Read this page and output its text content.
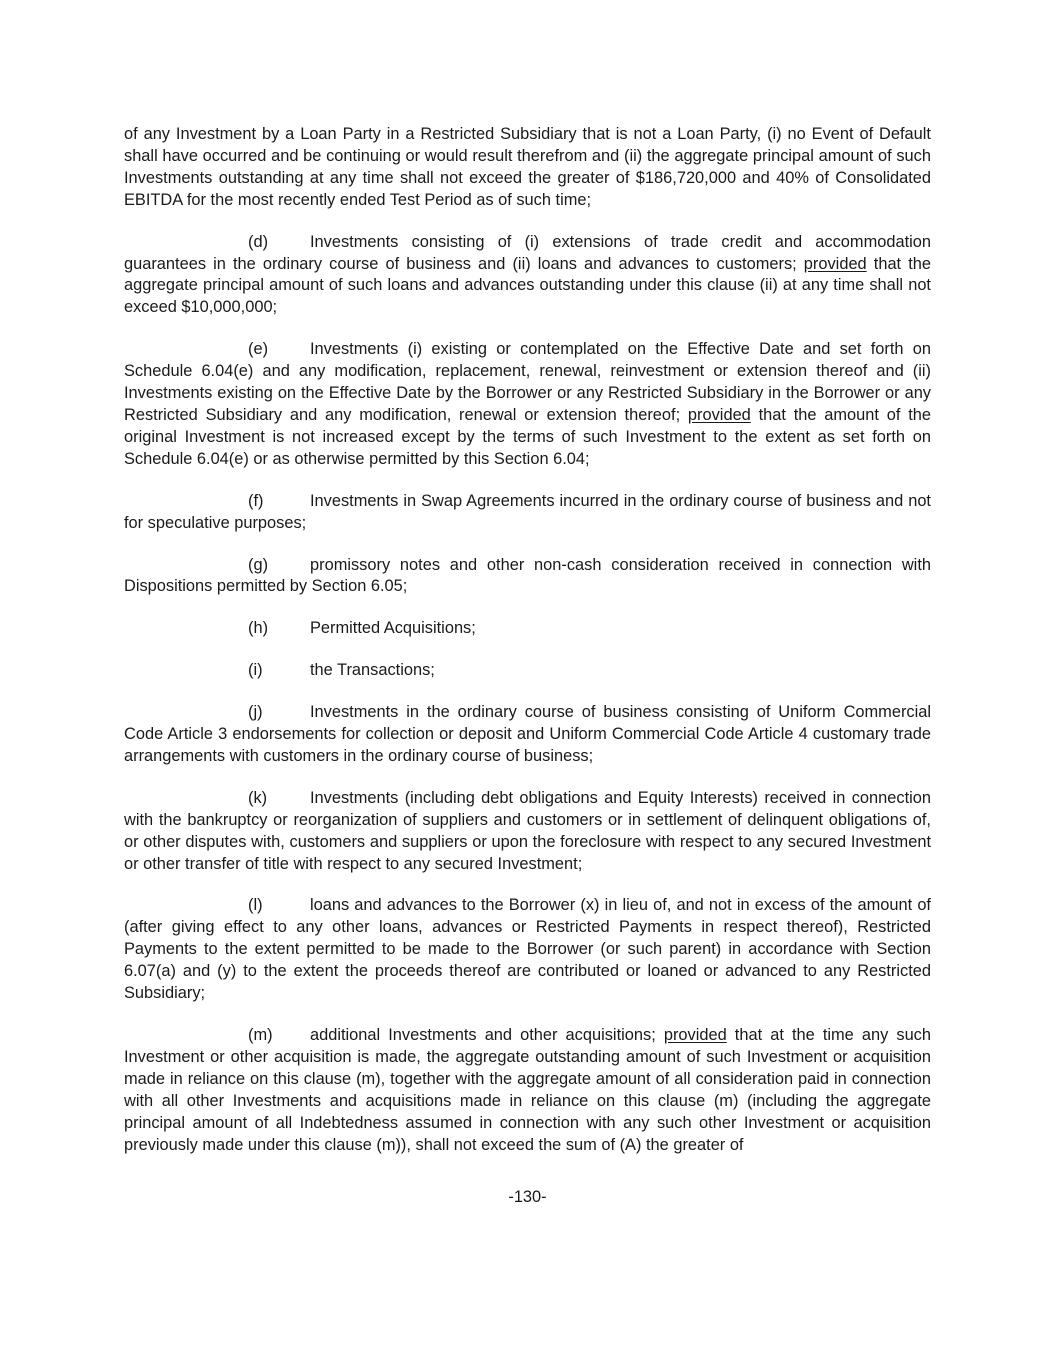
of any Investment by a Loan Party in a Restricted Subsidiary that is not a Loan Party, (i) no Event of Default shall have occurred and be continuing or would result therefrom and (ii) the aggregate principal amount of such Investments outstanding at any time shall not exceed the greater of $186,720,000 and 40% of Consolidated EBITDA for the most recently ended Test Period as of such time;

(d)	Investments consisting of (i) extensions of trade credit and accommodation guarantees in the ordinary course of business and (ii) loans and advances to customers; provided that the aggregate principal amount of such loans and advances outstanding under this clause (ii) at any time shall not exceed $10,000,000;

(e)	Investments (i) existing or contemplated on the Effective Date and set forth on Schedule 6.04(e) and any modification, replacement, renewal, reinvestment or extension thereof and (ii) Investments existing on the Effective Date by the Borrower or any Restricted Subsidiary in the Borrower or any Restricted Subsidiary and any modification, renewal or extension thereof; provided that the amount of the original Investment is not increased except by the terms of such Investment to the extent as set forth on Schedule 6.04(e) or as otherwise permitted by this Section 6.04;

(f)	Investments in Swap Agreements incurred in the ordinary course of business and not for speculative purposes;

(g)	promissory notes and other non-cash consideration received in connection with Dispositions permitted by Section 6.05;

(h)	Permitted Acquisitions;

(i)	the Transactions;

(j)	Investments in the ordinary course of business consisting of Uniform Commercial Code Article 3 endorsements for collection or deposit and Uniform Commercial Code Article 4 customary trade arrangements with customers in the ordinary course of business;

(k)	Investments (including debt obligations and Equity Interests) received in connection with the bankruptcy or reorganization of suppliers and customers or in settlement of delinquent obligations of, or other disputes with, customers and suppliers or upon the foreclosure with respect to any secured Investment or other transfer of title with respect to any secured Investment;

(l)	loans and advances to the Borrower (x) in lieu of, and not in excess of the amount of (after giving effect to any other loans, advances or Restricted Payments in respect thereof), Restricted Payments to the extent permitted to be made to the Borrower (or such parent) in accordance with Section 6.07(a) and (y) to the extent the proceeds thereof are contributed or loaned or advanced to any Restricted Subsidiary;

(m) additional Investments and other acquisitions; provided that at the time any such Investment or other acquisition is made, the aggregate outstanding amount of such Investment or acquisition made in reliance on this clause (m), together with the aggregate amount of all consideration paid in connection with all other Investments and acquisitions made in reliance on this clause (m) (including the aggregate principal amount of all Indebtedness assumed in connection with any such other Investment or acquisition previously made under this clause (m)), shall not exceed the sum of (A) the greater of

-130-
